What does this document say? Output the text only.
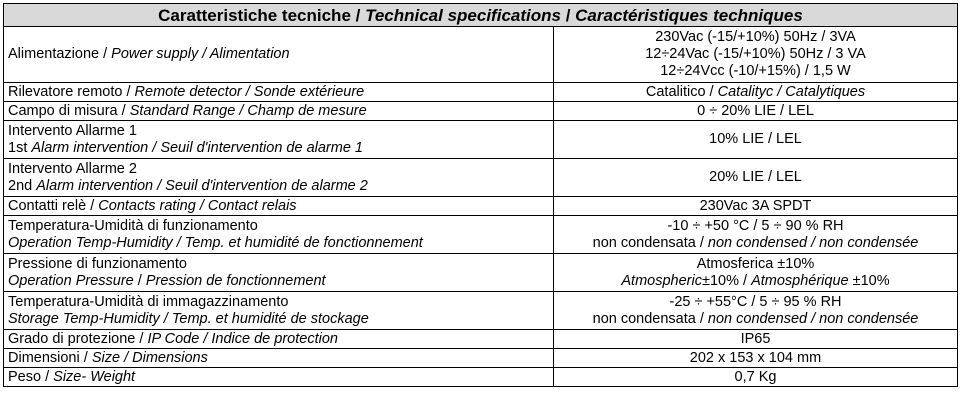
Caratteristiche tecniche / Technical specifications / Caractéristiques techniques	
Alimentazione / Power supply / Alimentation	230Vac (-15/+10%) 50Hz / 3VA
12÷24Vac (-15/+10%) 50Hz / 3 VA
12÷24Vcc (-10/+15%) / 1,5 W

Rilevatore remoto / Remote detector / Sonde extérieure	Catalitico / Catalityc / Catalytiques
Campo di misura / Standard Range / Champ de mesure	0 ÷ 20% LIE / LEL

Intervento Allarme 1
1st Alarm intervention / Seuil d'intervention de alarme 1	10% LIE / LEL

Intervento Allarme 2
2nd Alarm intervention / Seuil d'intervention de alarme 2	20% LIE / LEL
Contatti relè / Contacts rating / Contact relais	230Vac 3A SPDT

Temperatura-Umidità di funzionamento
Operation Temp-Humidity / Temp. et humidité de fonctionnement	-10 ÷ +50 °C / 5 ÷ 90 % RH
non condensata / non condensed / non condensée

Pressione di funzionamento
Operation Pressure / Pression de fonctionnement	Atmosferica ±10%
Atmospheric±10% / Atmosphérique ±10%

Temperatura-Umidità di immagazzinamento
Storage Temp-Humidity / Temp. et humidité de stockage	-25 ÷ +55°C / 5 ÷ 95 % RH
non condensata / non condensed / non condensée

Grado di protezione / IP Code / Indice de protection	IP65
Dimensioni / Size / Dimensions	202 x 153 x 104 mm
Peso / Size- Weight	0,7 Kg
